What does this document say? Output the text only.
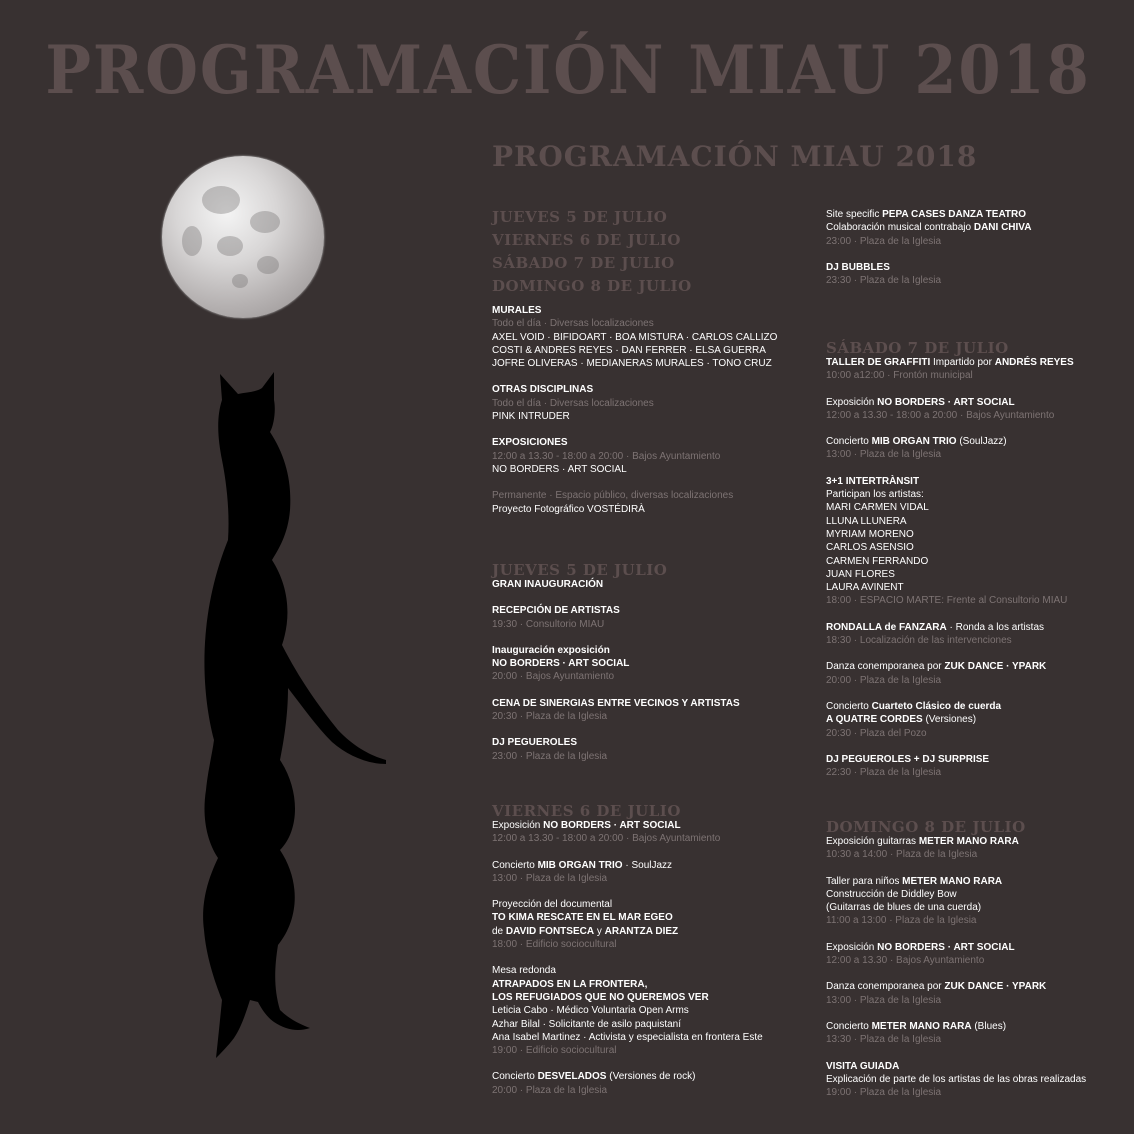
PROGRAMACIÓN MIAU 2018
PROGRAMACIÓN MIAU 2018
JUEVES 5 DE JULIO
VIERNES 6 DE JULIO
SÁBADO 7 DE JULIO
DOMINGO 8 DE JULIO
MURALES
Todo el día · Diversas localizaciones
AXEL VOID · BIFIDOART · BOA MISTURA · CARLOS CALLIZO
COSTI & ANDRES REYES · DAN FERRER · ELSA GUERRA
JOFRE OLIVERAS · MEDIANERAS MURALES · TONO CRUZ
OTRAS DISCIPLINAS
Todo el día · Diversas localizaciones
PINK INTRUDER
EXPOSICIONES
12:00 a 13.30 - 18:00 a 20:00 · Bajos Ayuntamiento
NO BORDERS · ART SOCIAL
Permanente · Espacio público, diversas localizaciones
Proyecto Fotográfico VOSTÉDIRÀ
JUEVES 5 DE JULIO
GRAN INAUGURACIÓN
RECEPCIÓN DE ARTISTAS
19:30 · Consultorio MIAU
Inauguración exposición
NO BORDERS · ART SOCIAL
20:00 · Bajos Ayuntamiento
CENA DE SINERGIAS ENTRE VECINOS Y ARTISTAS
20:30 · Plaza de la Iglesia
DJ PEGUEROLES
23:00 · Plaza de la Iglesia
VIERNES 6 DE JULIO
Exposición NO BORDERS · ART SOCIAL
12:00 a 13.30 - 18:00 a 20:00 · Bajos Ayuntamiento
Concierto MIB ORGAN TRIO · SoulJazz
13:00 · Plaza de la Iglesia
Proyección del documental
TO KIMA RESCATE EN EL MAR EGEO
de DAVID FONTSECA y ARANTZA DIEZ
18:00 · Edificio sociocultural
Mesa redonda
ATRAPADOS EN LA FRONTERA,
LOS REFUGIADOS QUE NO QUEREMOS VER
Leticia Cabo · Médico Voluntaria Open Arms
Azhar Bilal · Solicitante de asilo paquistaní
Ana Isabel Martinez · Activista y especialista en frontera Este
19:00 · Edificio sociocultural
Concierto DESVELADOS (Versiones de rock)
20:00 · Plaza de la Iglesia
Site specific PEPA CASES DANZA TEATRO
Colaboración musical contrabajo DANI CHIVA
23:00 · Plaza de la Iglesia
DJ BUBBLES
23:30 · Plaza de la Iglesia
SÁBADO 7 DE JULIO
TALLER DE GRAFFITI Impartido por ANDRÉS REYES
10:00 a12:00 · Frontón municipal
Exposición NO BORDERS · ART SOCIAL
12:00 a 13.30 - 18:00 a 20:00 · Bajos Ayuntamiento
Concierto MIB ORGAN TRIO (SoulJazz)
13:00 · Plaza de la Iglesia
3+1 INTERTRÀNSIT
Participan los artistas:
MARI CARMEN VIDAL
LLUNA LLUNERA
MYRIAM MORENO
CARLOS ASENSIO
CARMEN FERRANDO
JUAN FLORES
LAURA AVINENT
18:00 · ESPACIO MARTE: Frente al Consultorio MIAU
RONDALLA de FANZARA · Ronda a los artistas
18:30 · Localización de las intervenciones
Danza conemporanea por ZUK DANCE · YPARK
20:00 · Plaza de la Iglesia
Concierto Cuarteto Clásico de cuerda
A QUATRE CORDES (Versiones)
20:30 · Plaza del Pozo
DJ PEGUEROLES + DJ SURPRISE
22:30 · Plaza de la Iglesia
DOMINGO 8 DE JULIO
Exposición guitarras METER MANO RARA
10:30 a 14:00 · Plaza de la Iglesia
Taller para niños METER MANO RARA
Construcción de Diddley Bow
(Guitarras de blues de una cuerda)
11:00 a 13:00 · Plaza de la Iglesia
Exposición NO BORDERS · ART SOCIAL
12:00 a 13.30 · Bajos Ayuntamiento
Danza conemporanea por ZUK DANCE · YPARK
13:00 · Plaza de la Iglesia
Concierto METER MANO RARA (Blues)
13:30 · Plaza de la Iglesia
VISITA GUIADA
Explicación de parte de los artistas de las obras realizadas
19:00 · Plaza de la Iglesia
